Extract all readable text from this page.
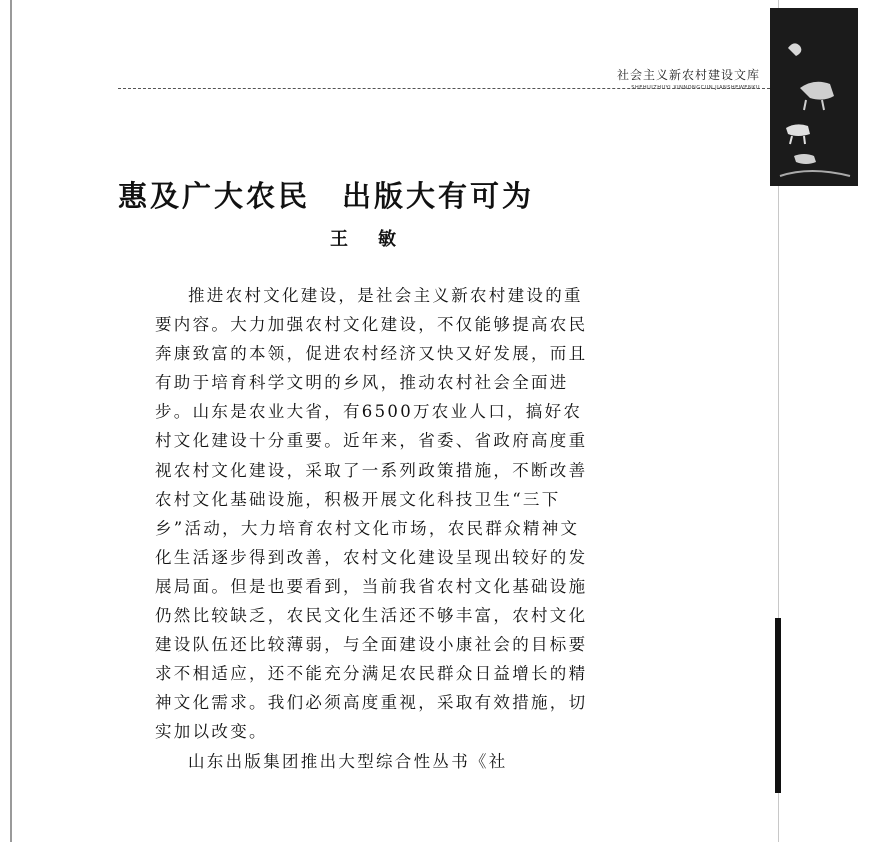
社会主义新农村建设文库
SHEHUIZHUYI XINNONGCUN JIANSHEWENKU
惠及广大农民 出版大有可为
王敏

推进农村文化建设，是社会主义新农村建设的重要内容。大力加强农村文化建设，不仅能够提高农民奔康致富的本领，促进农村经济又快又好发展，而且有助于培育科学文明的乡风，推动农村社会全面进步。山东是农业大省，有6500万农业人口，搞好农村文化建设十分重要。近年来，省委、省政府高度重视农村文化建设，采取了一系列政策措施，不断改善农村文化基础设施，积极开展文化科技卫生“三下乡”活动，大力培育农村文化市场，农民群众精神文化生活逐步得到改善，农村文化建设呈现出较好的发展局面。但是也要看到，当前我省农村文化基础设施仍然比较缺乏，农民文化生活还不够丰富，农村文化建设队伍还比较薄弱，与全面建设小康社会的目标要求不相适应，还不能充分满足农民群众日益增长的精神文化需求。我们必须高度重视，采取有效措施，切实加以改变。

山东出版集团推出大型综合性丛书《社
